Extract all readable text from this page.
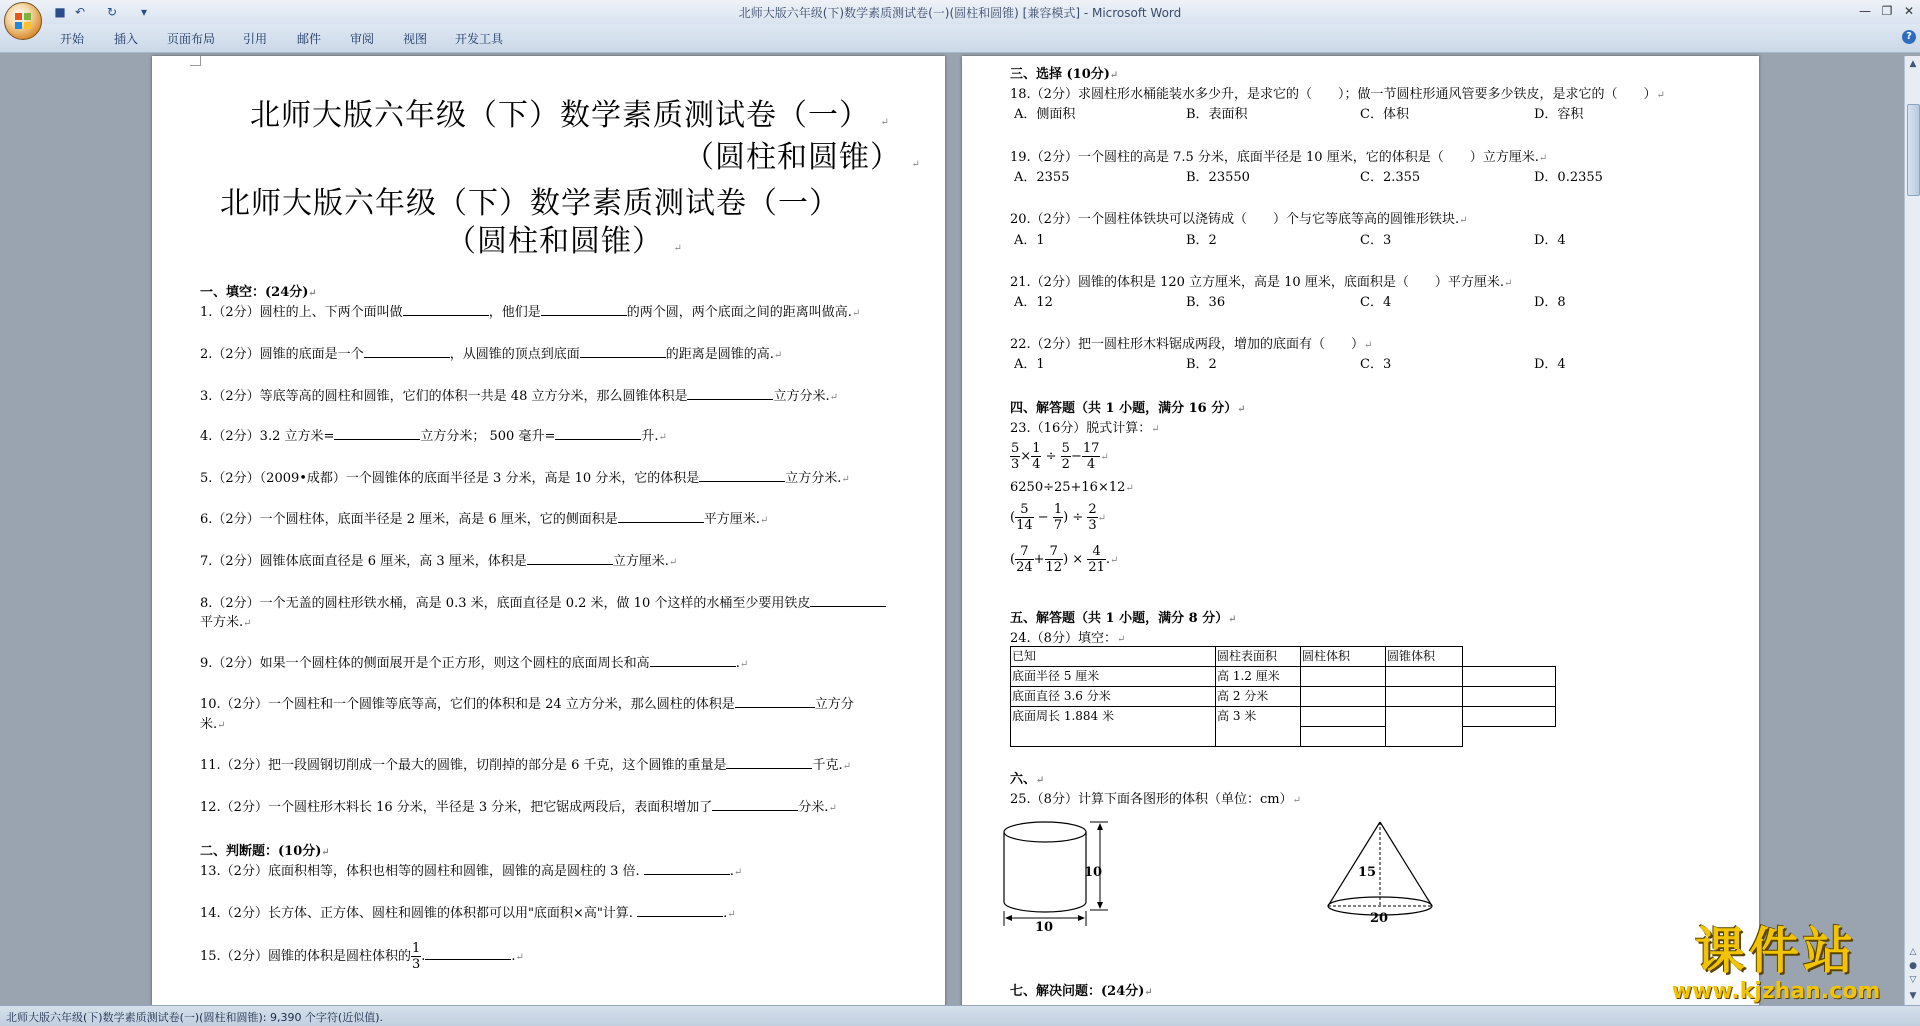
■ ↶ ↻	▾	北师大版六年级(下)数学素质测试卷(一)(圆柱和圆锥) [兼容模式] - Microsoft Word	— ❐ ✕
开始 插入 页面布局 引用 邮件 审阅 视图 开发工具	?
北师大版六年级（下）数学素质测试卷（一） ↵
（圆柱和圆锥） ↵
北师大版六年级（下）数学素质测试卷（一）
（圆柱和圆锥） ↵
一、填空：(24分)↵
1.（2分）圆柱的上、下两个面叫做	，他们是	的两个圆，两个底面之间的距离叫做高.↵
2.（2分）圆锥的底面是一个	，从圆锥的顶点到底面	的距离是圆锥的高.↵
3.（2分）等底等高的圆柱和圆锥，它们的体积一共是 48 立方分米，那么圆锥体积是	立方分米.↵
4.（2分）3.2 立方米=	立方分米； 500 毫升=	升.↵
5.（2分）（2009•成都）一个圆锥体的底面半径是 3 分米，高是 10 分米，它的体积是	立方分米.↵
6.（2分）一个圆柱体，底面半径是 2 厘米，高是 6 厘米，它的侧面积是	平方厘米.↵
7.（2分）圆锥体底面直径是 6 厘米，高 3 厘米，体积是	立方厘米.↵
8.（2分）一个无盖的圆柱形铁水桶，高是 0.3 米，底面直径是 0.2 米，做 10 个这样的水桶至少要用铁皮
平方米.↵
9.（2分）如果一个圆柱体的侧面展开是个正方形，则这个圆柱的底面周长和高	.↵
10.（2分）一个圆柱和一个圆锥等底等高，它们的体积和是 24 立方分米，那么圆柱的体积是	立方分
米.↵
11.（2分）把一段圆钢切削成一个最大的圆锥，切削掉的部分是 6 千克，这个圆锥的重量是	千克.↵
12.（2分）一个圆柱形木料长 16 分米，半径是 3 分米，把它锯成两段后，表面积增加了	分米.↵
二、判断题：(10分)↵
13.（2分）底面积相等，体积也相等的圆柱和圆锥，圆锥的高是圆柱的 3 倍.	.↵
14.（2分）长方体、正方体、圆柱和圆锥的体积都可以用"底面积×高"计算.	.↵
15.（2分）圆锥的体积是圆柱体积的 $\frac{1}{3}$ .	.↵
三、选择 (10分)↵
18.（2分）求圆柱形水桶能装水多少升，是求它的（　　）；做一节圆柱形通风管要多少铁皮，是求它的（　　）↵
A．侧面积	B．表面积	C．体积	D．容积
19.（2分）一个圆柱的高是 7.5 分米，底面半径是 10 厘米，它的体积是（　　）立方厘米.↵
A．2355	B．23550	C．2.355	D．0.2355
20.（2分）一个圆柱体铁块可以浇铸成（　　）个与它等底等高的圆锥形铁块.↵
A．1	B．2	C．3	D．4
21.（2分）圆锥的体积是 120 立方厘米，高是 10 厘米，底面积是（　　）平方厘米.↵
A．12	B．36	C．4	D．8
22.（2分）把一圆柱形木料锯成两段，增加的底面有（　　）↵
A．1	B．2	C．3	D．4
四、解答题（共 1 小题，满分 16 分）↵
23.（16分）脱式计算：↵
$\frac{5}{3} \times \frac{1}{4} \div \frac{5}{2} - \frac{17}{4}$ ↵
6250÷25+16×12↵
( $\frac{5}{14} - \frac{1}{7}$ ) ÷ $\frac{2}{3}$ ↵
( $\frac{7}{24} + \frac{7}{12}$ ) × $\frac{4}{21}$ .↵
五、解答题（共 1 小题，满分 8 分）↵
24.（8分）填空：↵
已知	圆柱表面积	圆柱体积	圆锥体积	
底面半径 5 厘米	高 1.2 厘米			
底面直径 3.6 分米	高 2 分米			
底面周长 1.884 米	高 3 米			

六、↵
25.（8分）计算下面各图形的体积（单位：cm）↵
10
10
15
20
七、解决问题：(24分)↵
▲
△
●
▽
▼
课件站
www.kjzhan.com
北师大版六年级(下)数学素质测试卷(一)(圆柱和圆锥): 9,390 个字符(近似值).
